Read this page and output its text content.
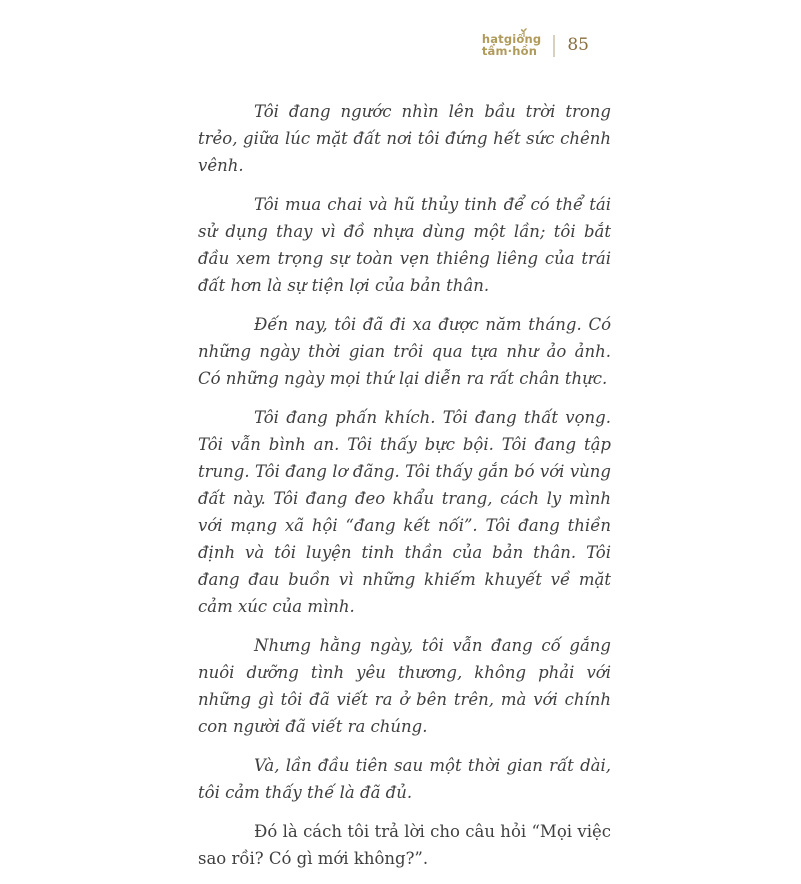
hạtgiống
tâm·hồn 85

Tôi đang ngước nhìn lên bầu trời trong trẻo, giữa lúc mặt đất nơi tôi đứng hết sức chênh vênh.

Tôi mua chai và hũ thủy tinh để có thể tái sử dụng thay vì đồ nhựa dùng một lần; tôi bắt đầu xem trọng sự toàn vẹn thiêng liêng của trái đất hơn là sự tiện lợi của bản thân.

Đến nay, tôi đã đi xa được năm tháng. Có những ngày thời gian trôi qua tựa như ảo ảnh. Có những ngày mọi thứ lại diễn ra rất chân thực.

Tôi đang phấn khích. Tôi đang thất vọng. Tôi vẫn bình an. Tôi thấy bực bội. Tôi đang tập trung. Tôi đang lơ đãng. Tôi thấy gắn bó với vùng đất này. Tôi đang đeo khẩu trang, cách ly mình với mạng xã hội “đang kết nối”. Tôi đang thiền định và tôi luyện tinh thần của bản thân. Tôi đang đau buồn vì những khiếm khuyết về mặt cảm xúc của mình.

Nhưng hằng ngày, tôi vẫn đang cố gắng nuôi dưỡng tình yêu thương, không phải với những gì tôi đã viết ra ở bên trên, mà với chính con người đã viết ra chúng.

Và, lần đầu tiên sau một thời gian rất dài, tôi cảm thấy thế là đã đủ.

Đó là cách tôi trả lời cho câu hỏi “Mọi việc sao rồi? Có gì mới không?”.
